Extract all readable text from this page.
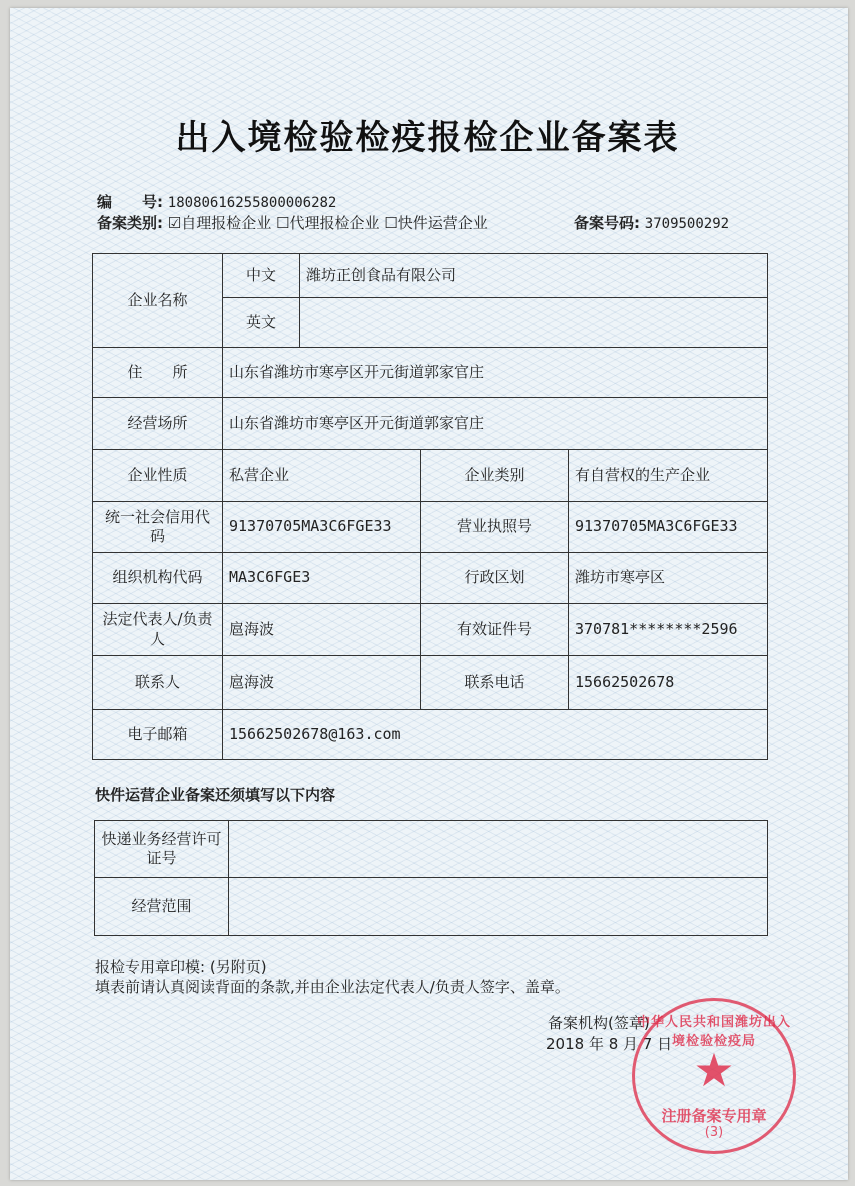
出入境检验检疫报检企业备案表
编　　号: 18080616255800006282
备案类别: ☑自理报检企业 ☐代理报检企业 ☐快件运营企业	备案号码: 3709500292
企业名称	中文	潍坊正创食品有限公司		
	英文			
住　　所	山东省潍坊市寒亭区开元街道郭家官庄			
经营场所	山东省潍坊市寒亭区开元街道郭家官庄			
企业性质	私营企业		企业类别	有自营权的生产企业
统一社会信用代码	91370705MA3C6FGE33		营业执照号	91370705MA3C6FGE33
组织机构代码	MA3C6FGE3		行政区划	潍坊市寒亭区
法定代表人/负责人	扈海波		有效证件号	370781********2596
联系人	扈海波		联系电话	15662502678
电子邮箱	15662502678@163.com			
快件运营企业备案还须填写以下内容
快递业务经营许可证号	
经营范围	
报检专用章印模: (另附页)
填表前请认真阅读背面的条款,并由企业法定代表人/负责人签字、盖章。
备案机构(签章)
2018 年 8 月 7 日
中华人民共和国潍坊出入境检验检疫局
★
注册备案专用章
(3)
